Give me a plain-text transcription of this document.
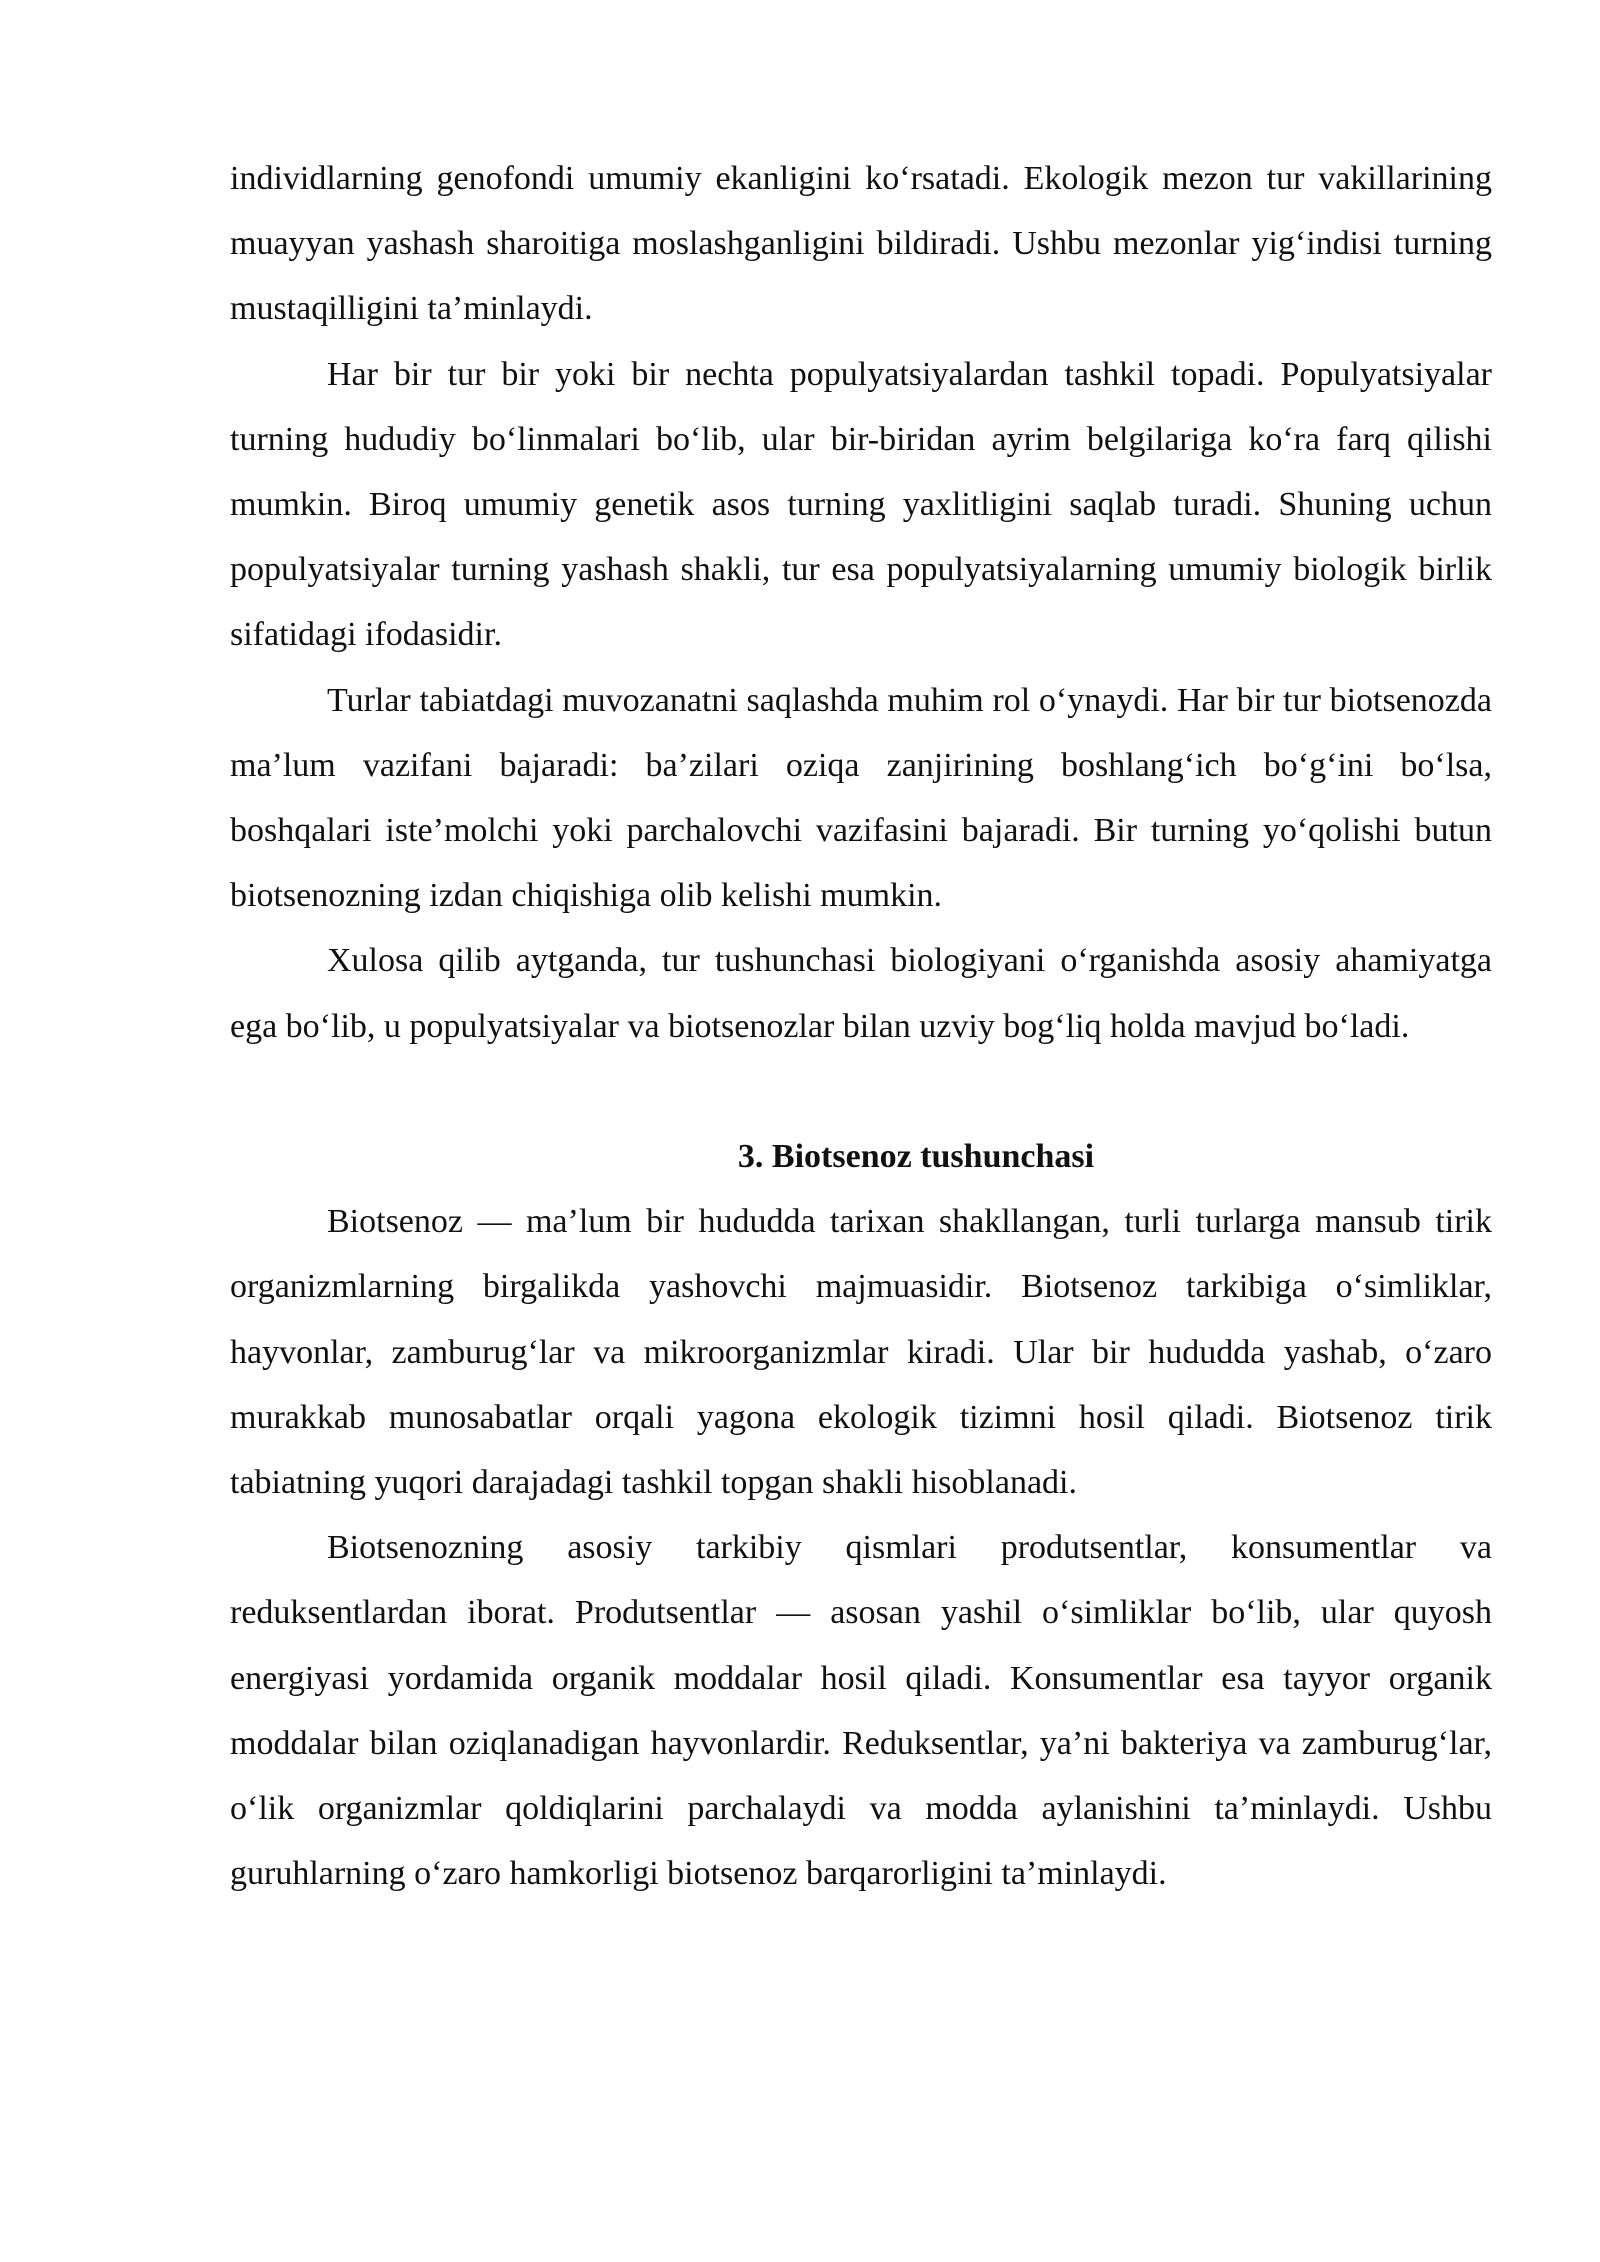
individlarning genofondi umumiy ekanligini ko‘rsatadi. Ekologik mezon tur vakillarining muayyan yashash sharoitiga moslashganligini bildiradi. Ushbu mezonlar yig‘indisi turning mustaqilligini ta’minlaydi.

Har bir tur bir yoki bir nechta populyatsiyalardan tashkil topadi. Populyatsiyalar turning hududiy bo‘linmalari bo‘lib, ular bir-biridan ayrim belgilariga ko‘ra farq qilishi mumkin. Biroq umumiy genetik asos turning yaxlitligini saqlab turadi. Shuning uchun populyatsiyalar turning yashash shakli, tur esa populyatsiyalarning umumiy biologik birlik sifatidagi ifodasidir.

Turlar tabiatdagi muvozanatni saqlashda muhim rol o‘ynaydi. Har bir tur biotsenozda ma’lum vazifani bajaradi: ba’zilari oziqa zanjirining boshlang‘ich bo‘g‘ini bo‘lsa, boshqalari iste’molchi yoki parchalovchi vazifasini bajaradi. Bir turning yo‘qolishi butun biotsenozning izdan chiqishiga olib kelishi mumkin.

Xulosa qilib aytganda, tur tushunchasi biologiyani o‘rganishda asosiy ahamiyatga ega bo‘lib, u populyatsiyalar va biotsenozlar bilan uzviy bog‘liq holda mavjud bo‘ladi.

3. Biotsenoz tushunchasi

Biotsenoz — ma’lum bir hududda tarixan shakllangan, turli turlarga mansub tirik organizmlarning birgalikda yashovchi majmuasidir. Biotsenoz tarkibiga o‘simliklar, hayvonlar, zamburug‘lar va mikroorganizmlar kiradi. Ular bir hududda yashab, o‘zaro murakkab munosabatlar orqali yagona ekologik tizimni hosil qiladi. Biotsenoz tirik tabiatning yuqori darajadagi tashkil topgan shakli hisoblanadi.

Biotsenozning asosiy tarkibiy qismlari produtsentlar, konsumentlar va reduksentlardan iborat. Produtsentlar — asosan yashil o‘simliklar bo‘lib, ular quyosh energiyasi yordamida organik moddalar hosil qiladi. Konsumentlar esa tayyor organik moddalar bilan oziqlanadigan hayvonlardir. Reduksentlar, ya’ni bakteriya va zamburug‘lar, o‘lik organizmlar qoldiqlarini parchalaydi va modda aylanishini ta’minlaydi. Ushbu guruhlarning o‘zaro hamkorligi biotsenoz barqarorligini ta’minlaydi.
